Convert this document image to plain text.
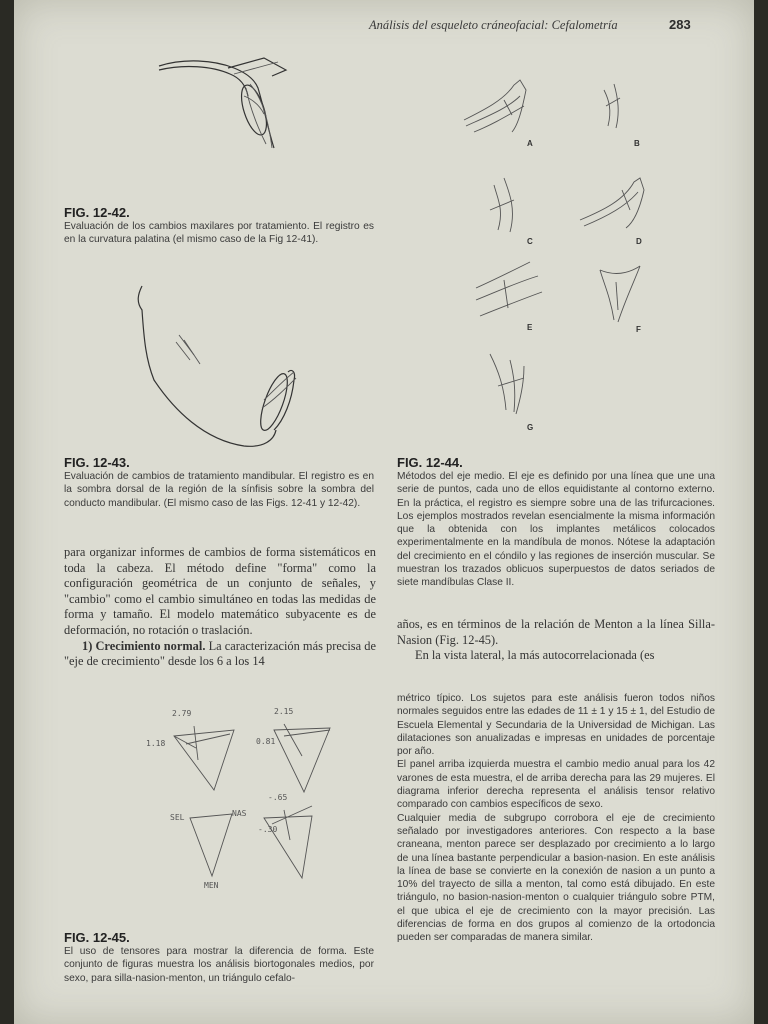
Análisis del esqueleto cráneofacial: Cefalometría	283
FIG. 12-42.
Evaluación de los cambios maxilares por tratamiento. El registro es en la curvatura palatina (el mismo caso de la Fig 12-41).
FIG. 12-43.
Evaluación de cambios de tratamiento mandibular. El registro es en la sombra dorsal de la región de la sínfisis sobre la sombra del conducto mandibular. (El mismo caso de las Figs. 12-41 y 12-42).

para organizar informes de cambios de forma sistemáticos en toda la cabeza. El método define "forma" como la configuración geométrica de un conjunto de señales, y "cambio" como el cambio simultáneo en todas las medidas de forma y tamaño. El modelo matemático subyacente es de deformación, no rotación o traslación.

1) Crecimiento normal. La caracterización más precisa de "eje de crecimiento" desde los 6 a los 14

2.79
1.18
2.15
0.81
-.65
-.30
SEL	NAS
MEN
FIG. 12-45.
El uso de tensores para mostrar la diferencia de forma. Este conjunto de figuras muestra los análisis biortogonales medios, por sexo, para silla-nasion-menton, un triángulo cefalo-
A	B
C	D
E	F
G
FIG. 12-44.
Métodos del eje medio. El eje es definido por una línea que une una serie de puntos, cada uno de ellos equidistante al contorno externo. En la práctica, el registro es siempre sobre una de las trifurcaciones. Los ejemplos mostrados revelan esencialmente la misma información que la obtenida con los implantes metálicos colocados experimentalmente en la mandíbula de monos. Nótese la adaptación del crecimiento en el cóndilo y las regiones de inserción muscular. Se muestran los trazados oblicuos superpuestos de datos seriados de siete mandíbulas Clase II.

años, es en términos de la relación de Menton a la línea Silla-Nasion (Fig. 12-45).

En la vista lateral, la más autocorrelacionada (es

métrico típico. Los sujetos para este análisis fueron todos niños normales seguidos entre las edades de 11 ± 1 y 15 ± 1, del Estudio de Escuela Elemental y Secundaria de la Universidad de Michigan. Las dilataciones son anualizadas e impresas en unidades de porcentaje por año.

El panel arriba izquierda muestra el cambio medio anual para los 42 varones de esta muestra, el de arriba derecha para las 29 mujeres. El diagrama inferior derecha representa el análisis tensor relativo comparado con cambios específicos de sexo.

Cualquier media de subgrupo corrobora el eje de crecimiento señalado por investigadores anteriores. Con respecto a la base craneana, menton parece ser desplazado por crecimiento a lo largo de una línea bastante perpendicular a basion-nasion. En este análisis la línea de base se convierte en la conexión de nasion a un punto a 10% del trayecto de silla a menton, tal como está dibujado. En este triángulo, no basion-nasion-menton o cualquier triángulo sobre PTM, el que ubica el eje de crecimiento con la mayor precisión. Las diferencias de forma en dos grupos al comienzo de la ortodoncia pueden ser comparadas de manera similar.
